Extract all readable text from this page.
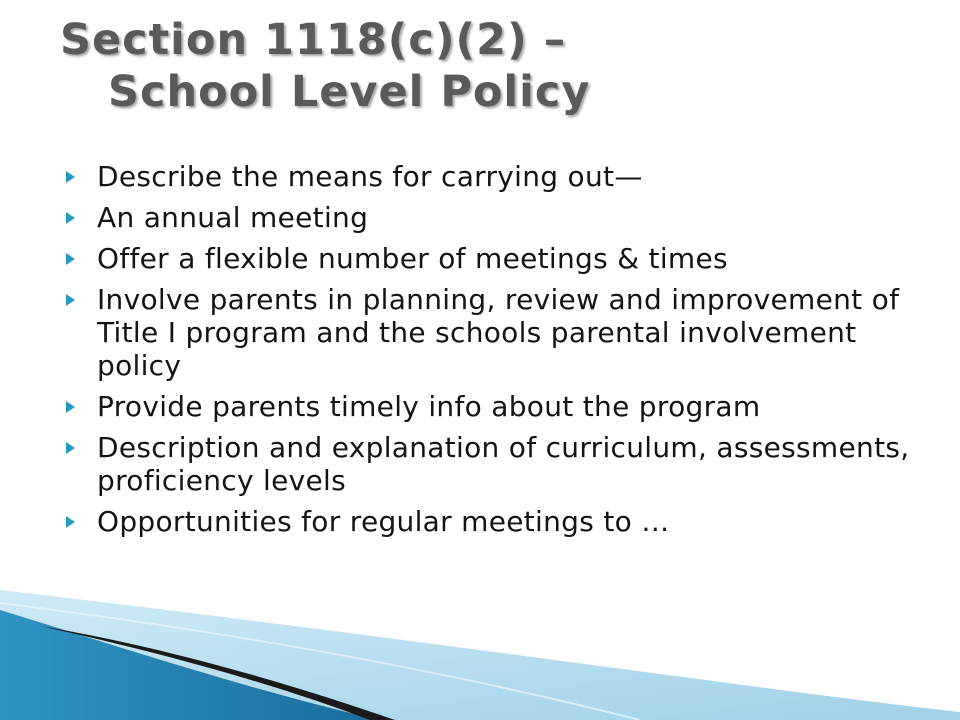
Section 1118(c)(2) –
School Level Policy
Describe the means for carrying out—
An annual meeting
Offer a flexible number of meetings & times
Involve parents in planning, review and improvement of Title I program and the schools parental involvement policy
Provide parents timely info about the program
Description and explanation of curriculum, assessments, proficiency levels
Opportunities for regular meetings to …
